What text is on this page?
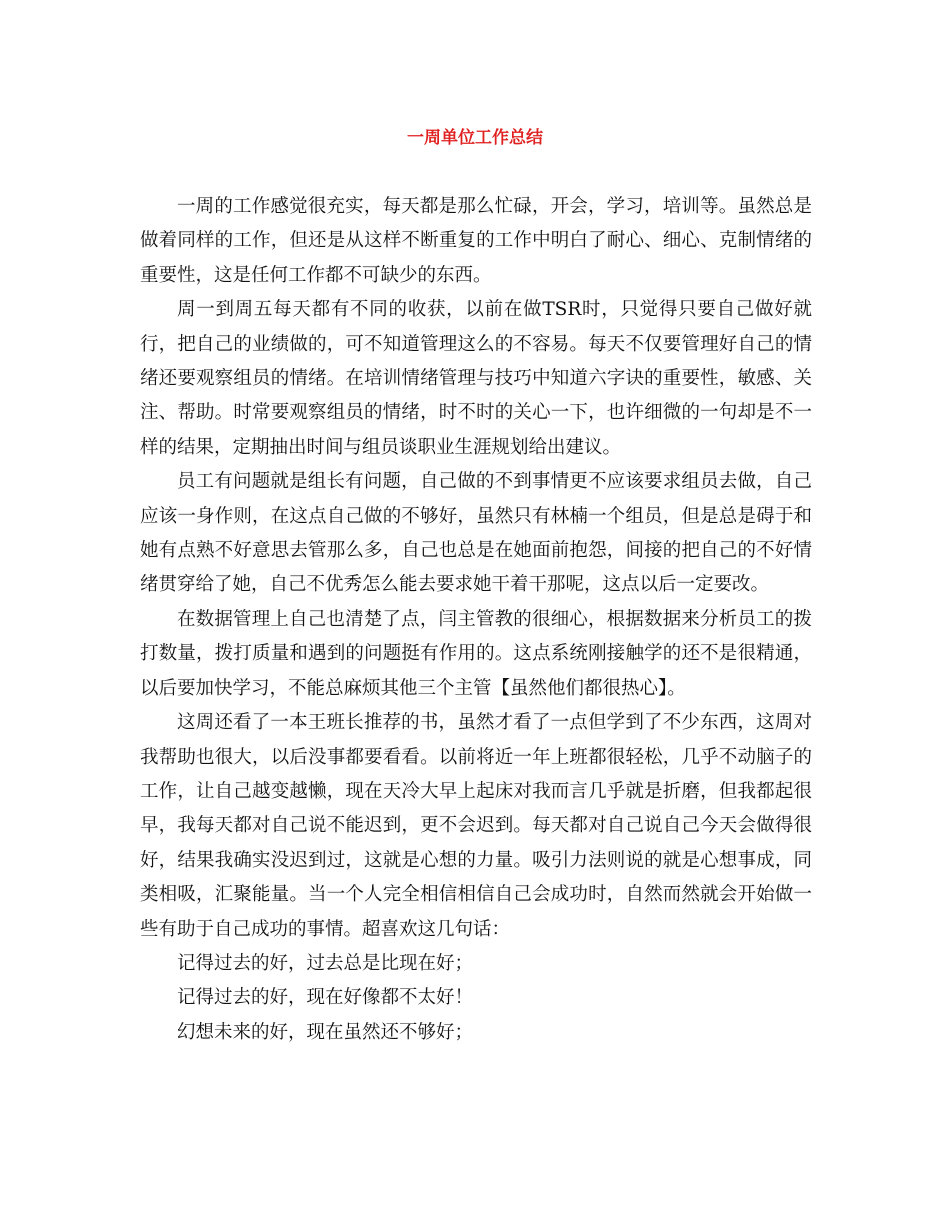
一周单位工作总结

一周的工作感觉很充实，每天都是那么忙碌，开会，学习，培训等。虽然总是做着同样的工作，但还是从这样不断重复的工作中明白了耐心、细心、克制情绪的重要性，这是任何工作都不可缺少的东西。

周一到周五每天都有不同的收获，以前在做TSR时，只觉得只要自己做好就行，把自己的业绩做的，可不知道管理这么的不容易。每天不仅要管理好自己的情绪还要观察组员的情绪。在培训情绪管理与技巧中知道六字诀的重要性，敏感、关注、帮助。时常要观察组员的情绪，时不时的关心一下，也许细微的一句却是不一样的结果，定期抽出时间与组员谈职业生涯规划给出建议。

员工有问题就是组长有问题，自己做的不到事情更不应该要求组员去做，自己应该一身作则，在这点自己做的不够好，虽然只有林楠一个组员，但是总是碍于和她有点熟不好意思去管那么多，自己也总是在她面前抱怨，间接的把自己的不好情绪贯穿给了她，自己不优秀怎么能去要求她干着干那呢，这点以后一定要改。

在数据管理上自己也清楚了点，闫主管教的很细心，根据数据来分析员工的拨打数量，拨打质量和遇到的问题挺有作用的。这点系统刚接触学的还不是很精通，以后要加快学习，不能总麻烦其他三个主管【虽然他们都很热心】。

这周还看了一本王班长推荐的书，虽然才看了一点但学到了不少东西，这周对我帮助也很大，以后没事都要看看。以前将近一年上班都很轻松，几乎不动脑子的工作，让自己越变越懒，现在天冷大早上起床对我而言几乎就是折磨，但我都起很早，我每天都对自己说不能迟到，更不会迟到。每天都对自己说自己今天会做得很好，结果我确实没迟到过，这就是心想的力量。吸引力法则说的就是心想事成，同类相吸，汇聚能量。当一个人完全相信相信自己会成功时，自然而然就会开始做一些有助于自己成功的事情。超喜欢这几句话：

记得过去的好，过去总是比现在好；

记得过去的好，现在好像都不太好！

幻想未来的好，现在虽然还不够好；
